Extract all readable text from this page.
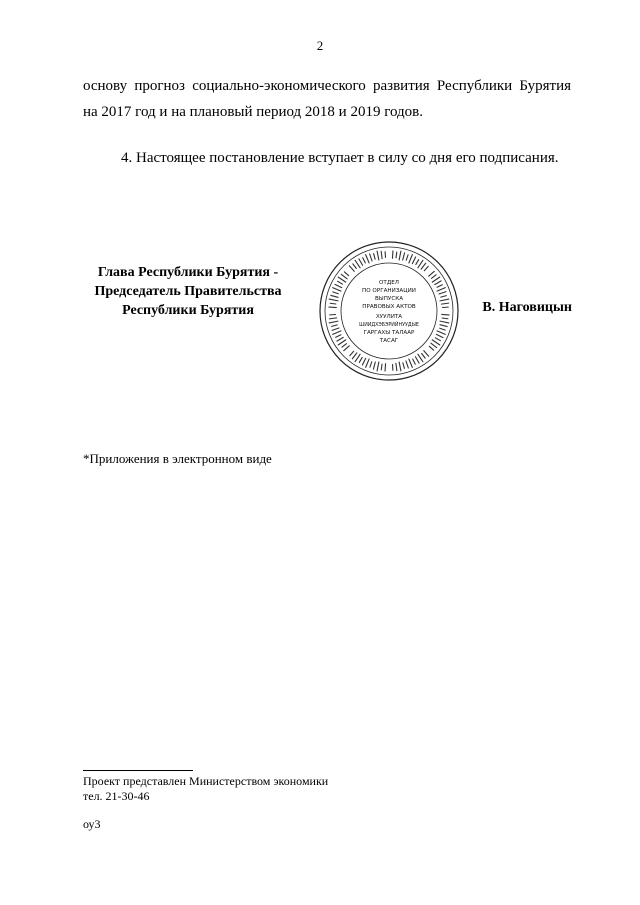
2
основу прогноз социально-экономического развития Республики Бурятия
на 2017 год и на плановый период 2018 и 2019 годов.
4. Настоящее постановление вступает в силу со дня его подписания.
Глава Республики Бурятия -
Председатель Правительства
Республики Бурятия
ОТДЕЛ
ПО ОРГАНИЗАЦИИ
ВЫПУСКА
ПРАВОВЫХ АКТОВ
ХУУЛИТА
ШИИДХЭБЭРИЙНУУДЫЕ
ГАРГАХЫ ТАЛААР
ТАСАГ
В. Наговицын
*Приложения в электронном виде
Проект представлен Министерством экономики
тел. 21-30-46
оу3
